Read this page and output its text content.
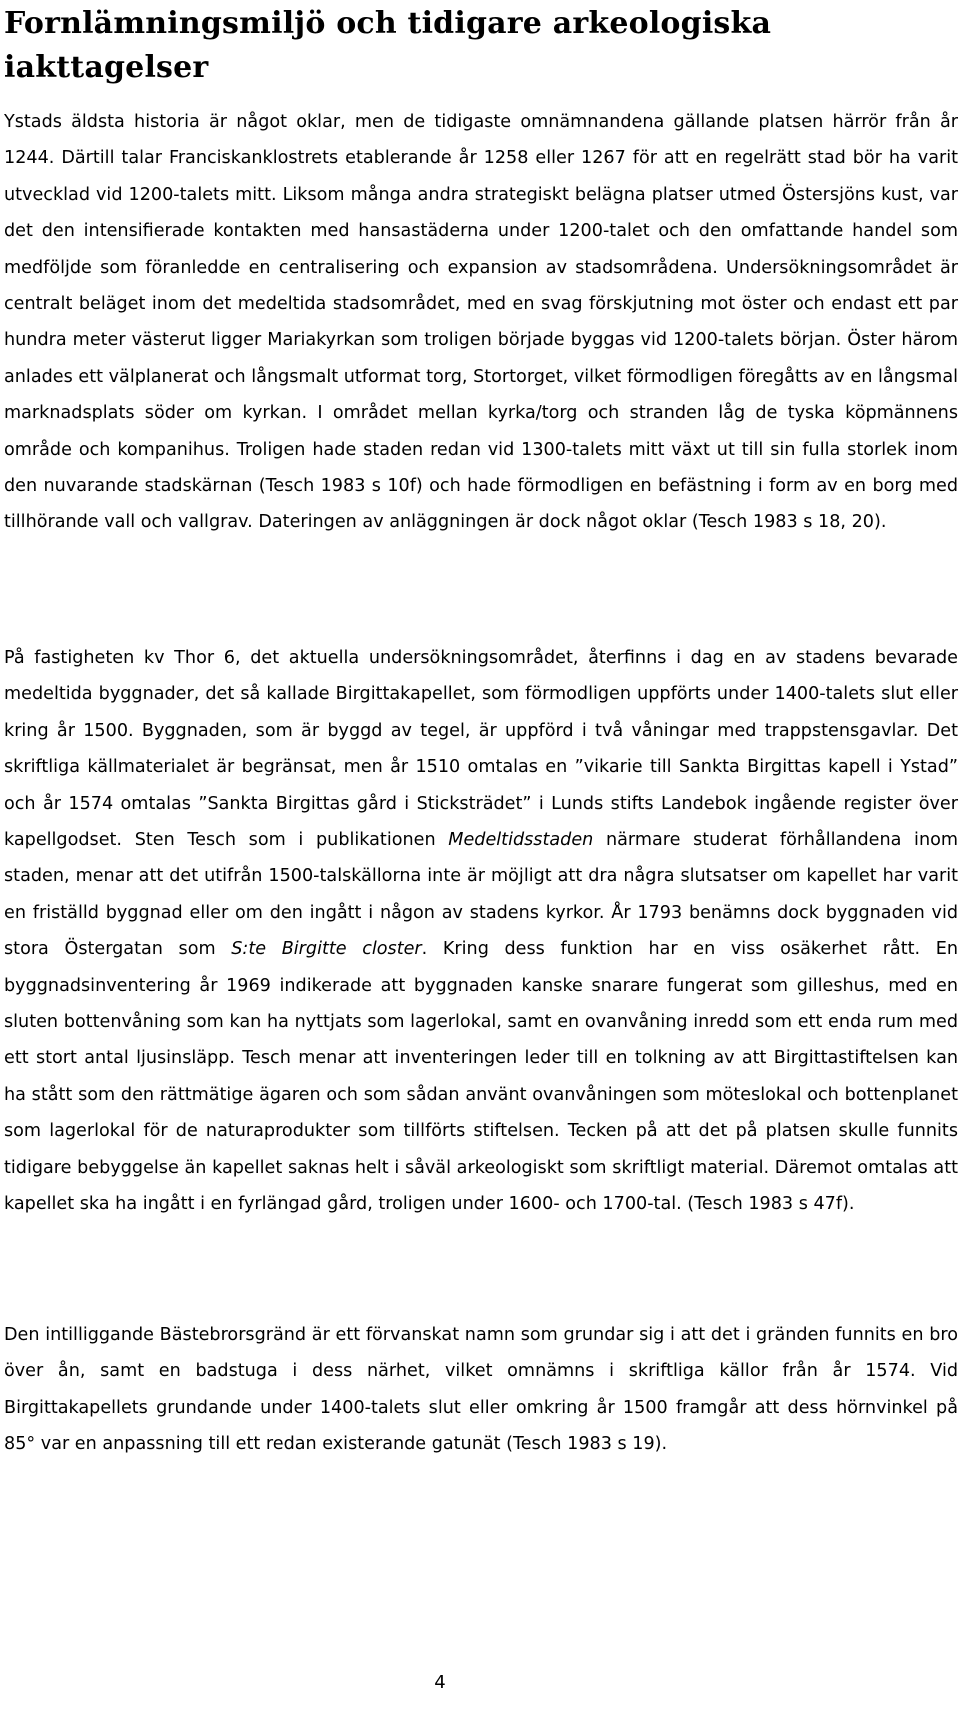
Fornlämningsmiljö och tidigare arkeologiska iakttagelser

Ystads äldsta historia är något oklar, men de tidigaste omnämnandena gällande platsen härrör från år 1244. Därtill talar Franciskanklostrets etablerande år 1258 eller 1267 för att en regelrätt stad bör ha varit utvecklad vid 1200-talets mitt. Liksom många andra strategiskt belägna platser utmed Östersjöns kust, var det den intensifierade kontakten med hansastäderna under 1200-talet och den omfattande handel som medföljde som föranledde en centralisering och expansion av stadsområdena. Undersökningsområdet är centralt beläget inom det medeltida stadsområdet, med en svag förskjutning mot öster och endast ett par hundra meter västerut ligger Mariakyrkan som troligen började byggas vid 1200-talets början. Öster härom anlades ett välplanerat och långsmalt utformat torg, Stortorget, vilket förmodligen föregåtts av en långsmal marknadsplats söder om kyrkan. I området mellan kyrka/torg och stranden låg de tyska köpmännens område och kompanihus. Troligen hade staden redan vid 1300-talets mitt växt ut till sin fulla storlek inom den nuvarande stadskärnan (Tesch 1983 s 10f) och hade förmodligen en befästning i form av en borg med tillhörande vall och vallgrav. Dateringen av anläggningen är dock något oklar (Tesch 1983 s 18, 20).

På fastigheten kv Thor 6, det aktuella undersökningsområdet, återfinns i dag en av stadens bevarade medeltida byggnader, det så kallade Birgittakapellet, som förmodligen uppförts under 1400-talets slut eller kring år 1500. Byggnaden, som är byggd av tegel, är uppförd i två våningar med trappstensgavlar. Det skriftliga källmaterialet är begränsat, men år 1510 omtalas en ”vikarie till Sankta Birgittas kapell i Ystad” och år 1574 omtalas ”Sankta Birgittas gård i Sticksträdet” i Lunds stifts Landebok ingående register över kapellgodset. Sten Tesch som i publikationen Medeltidsstaden närmare studerat förhållandena inom staden, menar att det utifrån 1500-talskällorna inte är möjligt att dra några slutsatser om kapellet har varit en friställd byggnad eller om den ingått i någon av stadens kyrkor. År 1793 benämns dock byggnaden vid stora Östergatan som S:te Birgitte closter. Kring dess funktion har en viss osäkerhet rått. En byggnadsinventering år 1969 indikerade att byggnaden kanske snarare fungerat som gilleshus, med en sluten bottenvåning som kan ha nyttjats som lagerlokal, samt en ovanvåning inredd som ett enda rum med ett stort antal ljusinsläpp. Tesch menar att inventeringen leder till en tolkning av att Birgittastiftelsen kan ha stått som den rättmätige ägaren och som sådan använt ovanvåningen som möteslokal och bottenplanet som lagerlokal för de naturaprodukter som tillförts stiftelsen. Tecken på att det på platsen skulle funnits tidigare bebyggelse än kapellet saknas helt i såväl arkeologiskt som skriftligt material. Däremot omtalas att kapellet ska ha ingått i en fyrlängad gård, troligen under 1600- och 1700-tal. (Tesch 1983 s 47f).

Den intilliggande Bästebrorsgränd är ett förvanskat namn som grundar sig i att det i gränden funnits en bro över ån, samt en badstuga i dess närhet, vilket omnämns i skriftliga källor från år 1574. Vid Birgittakapellets grundande under 1400-talets slut eller omkring år 1500 framgår att dess hörnvinkel på 85° var en anpassning till ett redan existerande gatunät (Tesch 1983 s 19).

4
